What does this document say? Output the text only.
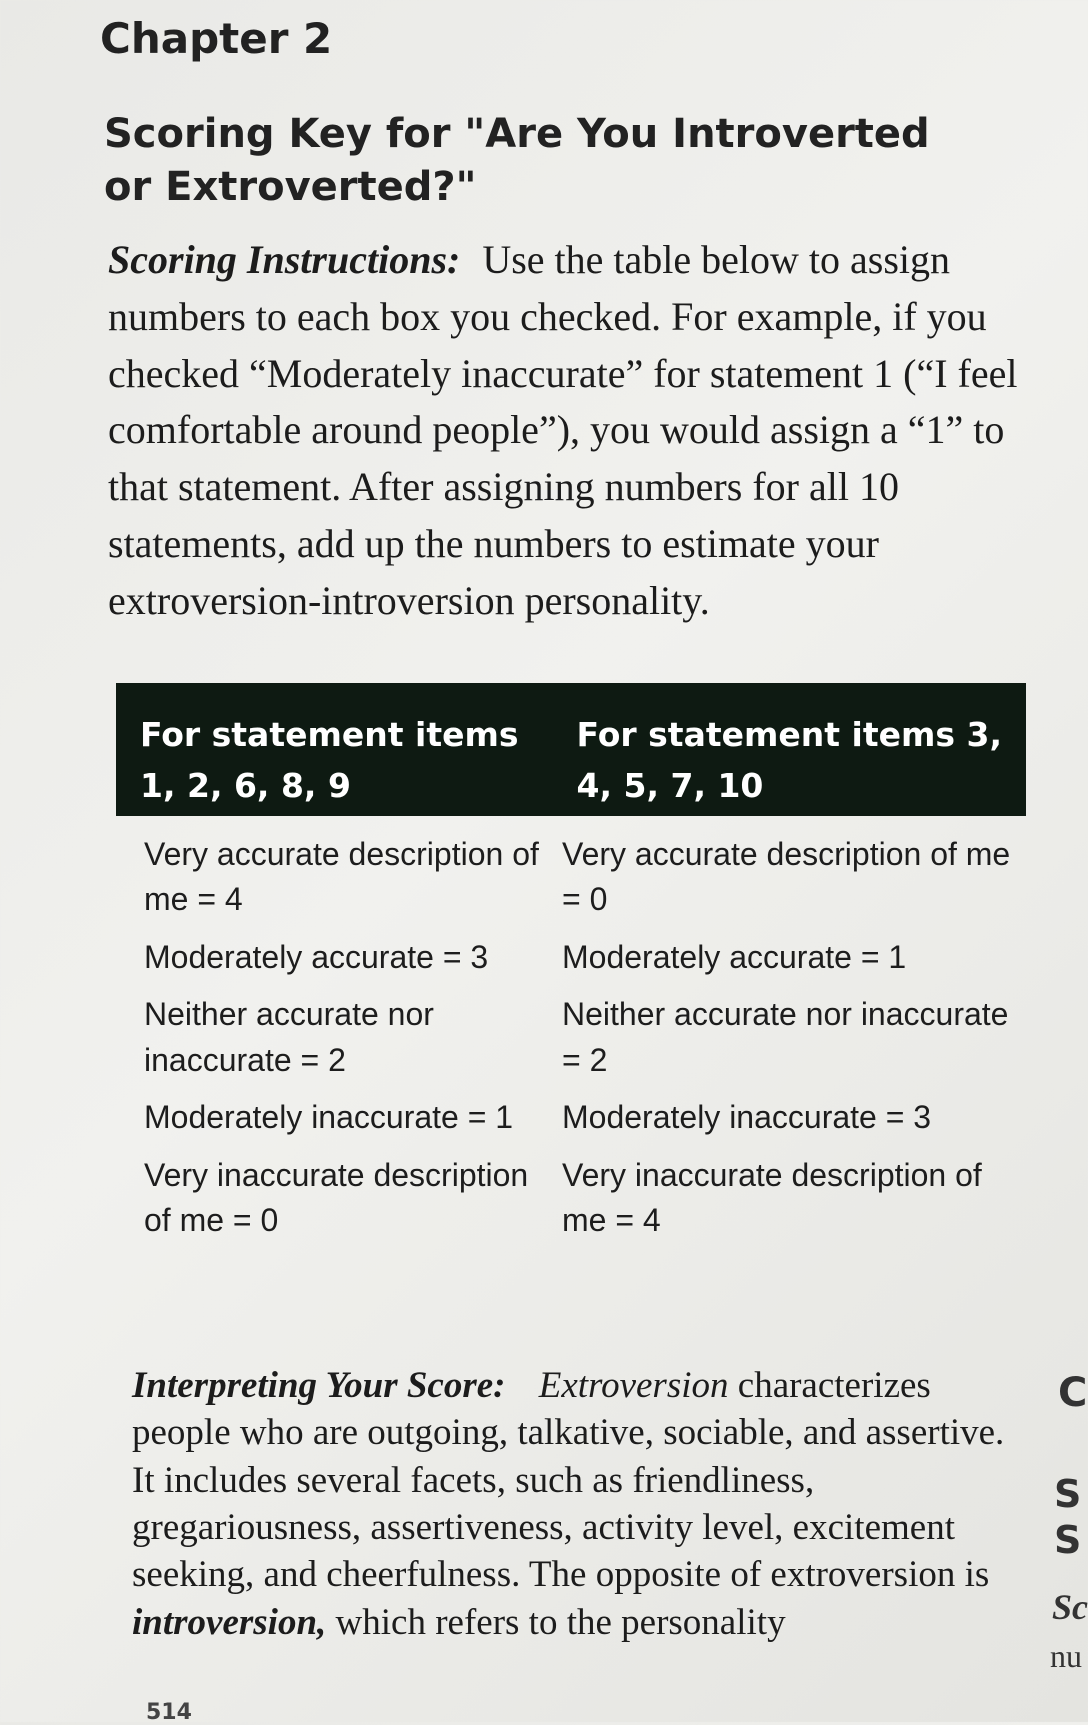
Chapter 2
Scoring Key for "Are You Introverted or Extroverted?"
Scoring Instructions: Use the table below to assign numbers to each box you checked. For example, if you checked “Moderately inaccurate” for statement 1 (“I feel comfortable around people”), you would assign a “1” to that statement. After assigning numbers for all 10 statements, add up the numbers to estimate your extroversion-introversion personality.
For statement items 1, 2, 6, 8, 9
For statement items 3, 4, 5, 7, 10
Very accurate description of me = 4
Moderately accurate = 3
Neither accurate nor inaccurate = 2
Moderately inaccurate = 1
Very inaccurate description of me = 0
Very accurate description of me = 0
Moderately accurate = 1
Neither accurate nor inaccurate = 2
Moderately inaccurate = 3
Very inaccurate description of me = 4
Interpreting Your Score: Extroversion characterizes people who are outgoing, talkative, sociable, and assertive. It includes several facets, such as friendliness, gregariousness, assertiveness, activity level, excitement seeking, and cheerfulness. The opposite of extroversion is introversion, which refers to the personality
514
C
S
S
Sc
nu
